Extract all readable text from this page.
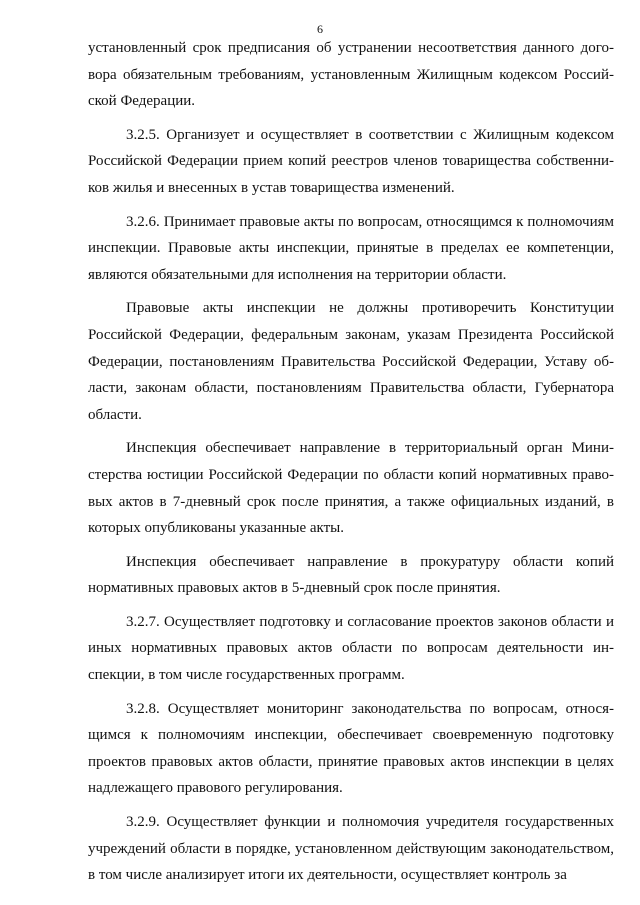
6

установленный срок предписания об устранении несоответствия данного договора обязательным требованиям, установленным Жилищным кодексом Российской Федерации.

3.2.5. Организует и осуществляет в соответствии с Жилищным кодексом Российской Федерации прием копий реестров членов товарищества собственников жилья и внесенных в устав товарищества изменений.

3.2.6. Принимает правовые акты по вопросам, относящимся к полномочиям инспекции. Правовые акты инспекции, принятые в пределах ее компетенции, являются обязательными для исполнения на территории области.

Правовые акты инспекции не должны противоречить Конституции Российской Федерации, федеральным законам, указам Президента Российской Федерации, постановлениям Правительства Российской Федерации, Уставу области, законам области, постановлениям Правительства области, Губернатора области.

Инспекция обеспечивает направление в территориальный орган Министерства юстиции Российской Федерации по области копий нормативных правовых актов в 7-дневный срок после принятия, а также официальных изданий, в которых опубликованы указанные акты.

Инспекция обеспечивает направление в прокуратуру области копий нормативных правовых актов в 5-дневный срок после принятия.

3.2.7. Осуществляет подготовку и согласование проектов законов области и иных нормативных правовых актов области по вопросам деятельности инспекции, в том числе государственных программ.

3.2.8. Осуществляет мониторинг законодательства по вопросам, относящимся к полномочиям инспекции, обеспечивает своевременную подготовку проектов правовых актов области, принятие правовых актов инспекции в целях надлежащего правового регулирования.

3.2.9. Осуществляет функции и полномочия учредителя государственных учреждений области в порядке, установленном действующим законодательством, в том числе анализирует итоги их деятельности, осуществляет контроль за
